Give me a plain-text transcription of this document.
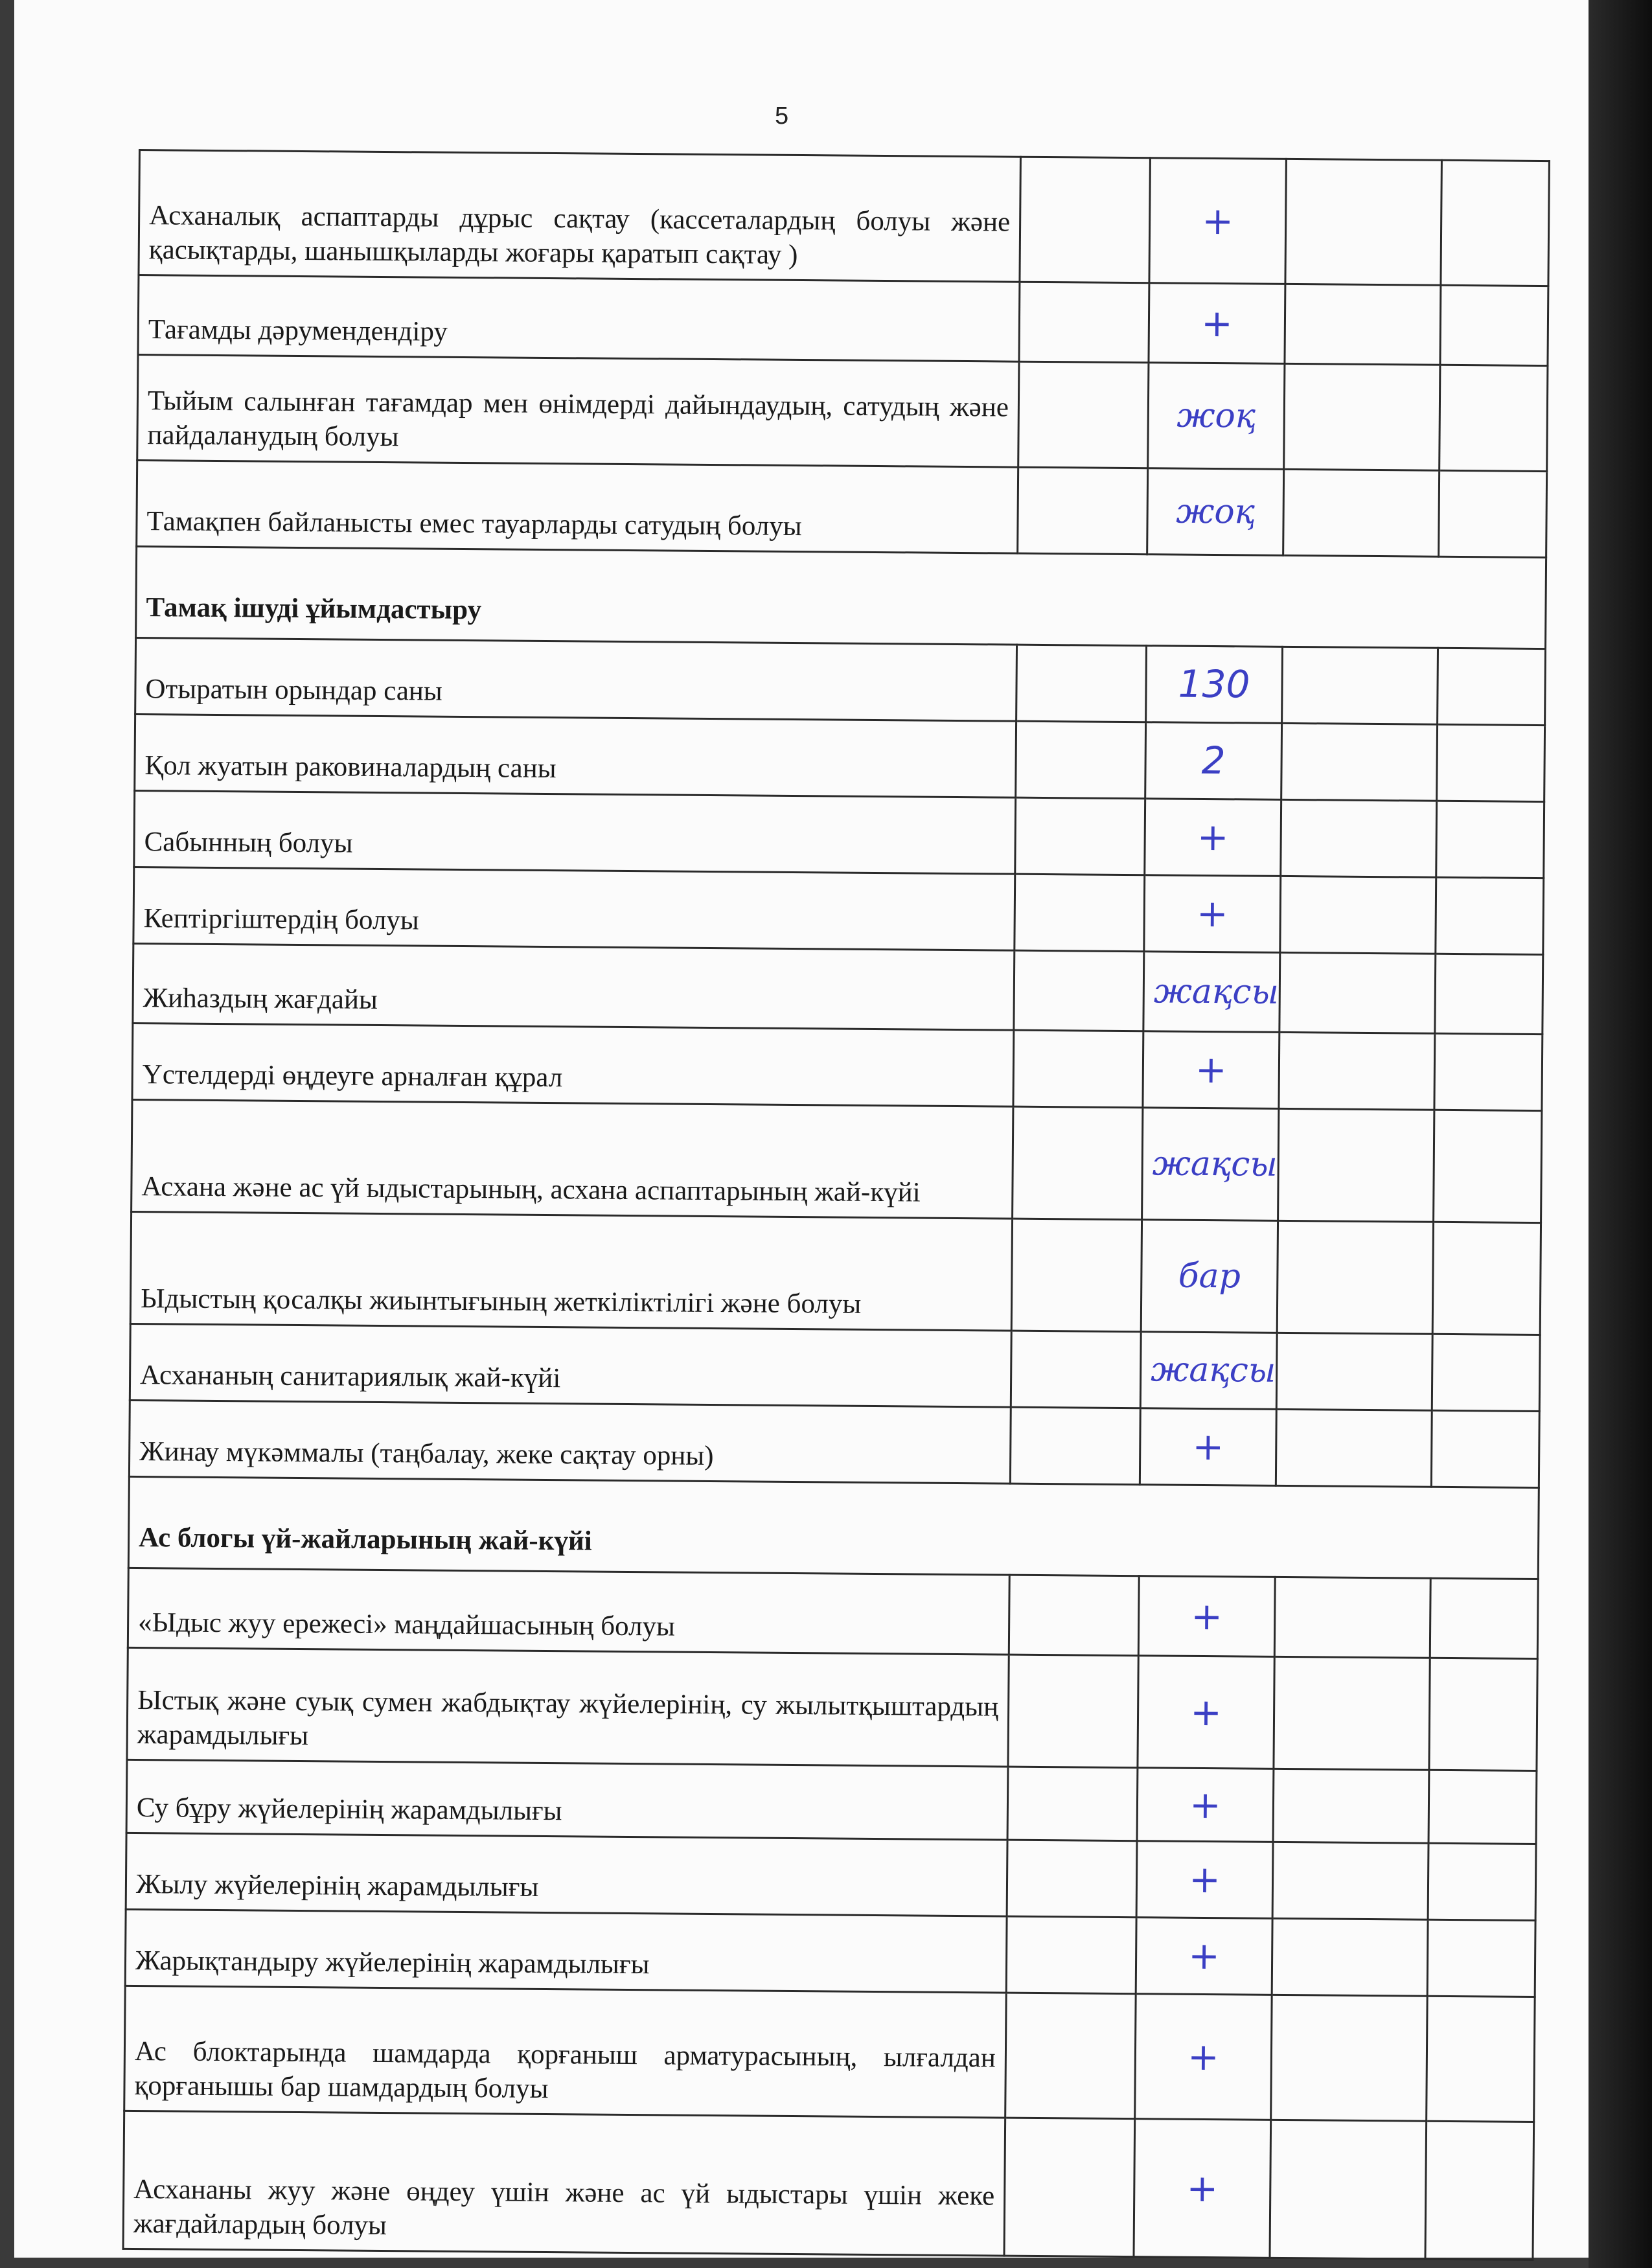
5
Асханалық аспаптарды дұрыс сақтау (кассеталардың болуы және қасықтарды, шанышқыларды жоғары қаратып сақтау )		+		
Тағамды дәрумендендіру		+		
Тыйым салынған тағамдар мен өнімдерді дайындаудың, сатудың және пайдаланудың болуы		жоқ		
Тамақпен байланысты емес тауарларды сатудың болуы		жоқ		
Тамақ ішуді ұйымдастыру				
Отыратын орындар саны		130		
Қол жуатын раковиналардың саны		2		
Сабынның болуы		+		
Кептіргіштердің болуы		+		
Жиһаздың жағдайы		жақсы		
Үстелдерді өңдеуге арналған құрал		+		
Асхана және ас үй ыдыстарының, асхана аспаптарының жай-күйі		жақсы		
Ыдыстың қосалқы жиынтығының жеткіліктілігі және болуы		бар		
Асхананың санитариялық жай-күйі		жақсы		
Жинау мүкәммалы (таңбалау, жеке сақтау орны)		+		
Ас блогы үй-жайларының жай-күйі				
«Ыдыс жуу ережесі» маңдайшасының болуы		+		
Ыстық және суық сумен жабдықтау жүйелерінің, су жылытқыштардың жарамдылығы		+		
Су бұру жүйелерінің жарамдылығы		+		
Жылу жүйелерінің жарамдылығы		+		
Жарықтандыру жүйелерінің жарамдылығы		+		
Ас блоктарында шамдарда қорғаныш арматурасының, ылғалдан қорғанышы бар шамдардың болуы		+		
Асхананы жуу және өңдеу үшін және ас үй ыдыстары үшін жеке жағдайлардың болуы		+		
